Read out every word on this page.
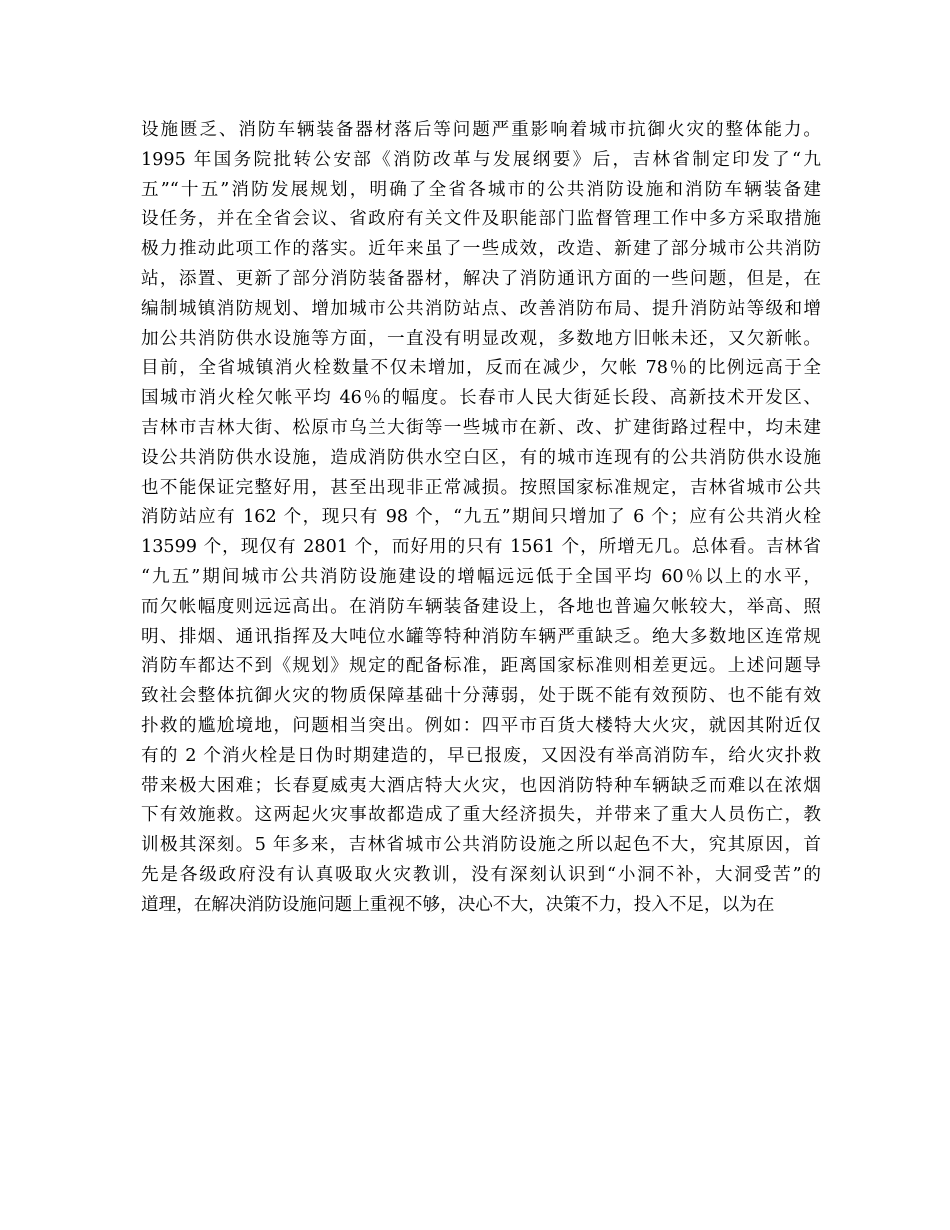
设施匮乏、消防车辆装备器材落后等问题严重影响着城市抗御火灾的整体能力。
1995 年国务院批转公安部《消防改革与发展纲要》后，吉林省制定印发了“九
五”“十五”消防发展规划，明确了全省各城市的公共消防设施和消防车辆装备建
设任务，并在全省会议、省政府有关文件及职能部门监督管理工作中多方采取措施
极力推动此项工作的落实。近年来虽了一些成效，改造、新建了部分城市公共消防
站，添置、更新了部分消防装备器材，解决了消防通讯方面的一些问题，但是，在
编制城镇消防规划、增加城市公共消防站点、改善消防布局、提升消防站等级和增
加公共消防供水设施等方面，一直没有明显改观，多数地方旧帐未还，又欠新帐。
目前，全省城镇消火栓数量不仅未增加，反而在减少，欠帐 78％的比例远高于全
国城市消火栓欠帐平均 46％的幅度。长春市人民大街延长段、高新技术开发区、
吉林市吉林大街、松原市乌兰大街等一些城市在新、改、扩建街路过程中，均未建
设公共消防供水设施，造成消防供水空白区，有的城市连现有的公共消防供水设施
也不能保证完整好用，甚至出现非正常减损。按照国家标准规定，吉林省城市公共
消防站应有 162 个，现只有 98 个，“九五”期间只增加了 6 个；应有公共消火栓
13599 个，现仅有 2801 个，而好用的只有 1561 个，所增无几。总体看。吉林省
“九五”期间城市公共消防设施建设的增幅远远低于全国平均 60％以上的水平，
而欠帐幅度则远远高出。在消防车辆装备建设上，各地也普遍欠帐较大，举高、照
明、排烟、通讯指挥及大吨位水罐等特种消防车辆严重缺乏。绝大多数地区连常规
消防车都达不到《规划》规定的配备标准，距离国家标准则相差更远。上述问题导
致社会整体抗御火灾的物质保障基础十分薄弱，处于既不能有效预防、也不能有效
扑救的尴尬境地，问题相当突出。例如：四平市百货大楼特大火灾，就因其附近仅
有的 2 个消火栓是日伪时期建造的，早已报废，又因没有举高消防车，给火灾扑救
带来极大困难；长春夏威夷大酒店特大火灾，也因消防特种车辆缺乏而难以在浓烟
下有效施救。这两起火灾事故都造成了重大经济损失，并带来了重大人员伤亡，教
训极其深刻。5 年多来，吉林省城市公共消防设施之所以起色不大，究其原因，首
先是各级政府没有认真吸取火灾教训，没有深刻认识到“小洞不补，大洞受苦”的
道理，在解决消防设施问题上重视不够，决心不大，决策不力，投入不足，以为在
